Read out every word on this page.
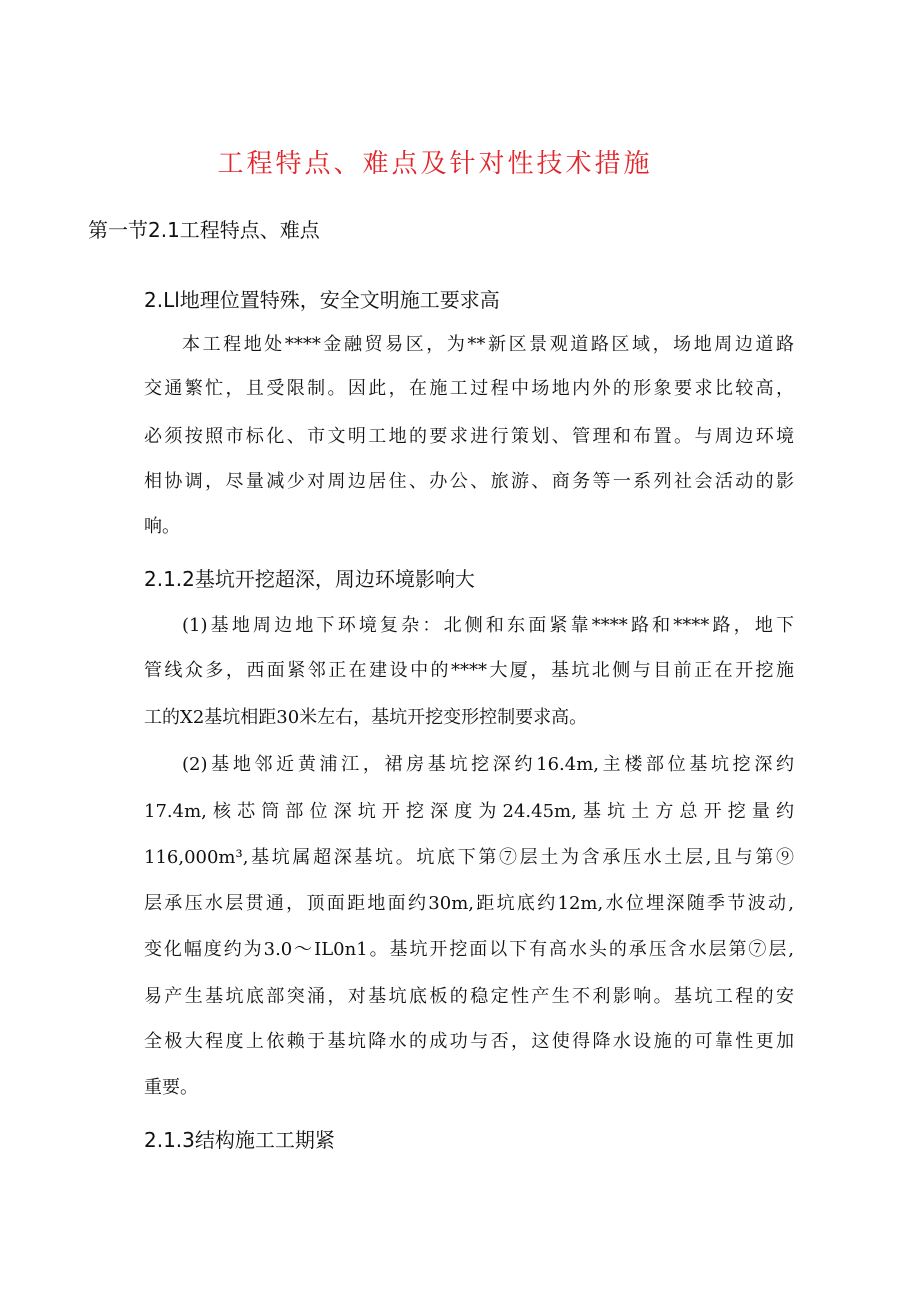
工程特点、难点及针对性技术措施
第一节2.1工程特点、难点
2.Ll地理位置特殊，安全文明施工要求高
本工程地处****金融贸易区，为**新区景观道路区域，场地周边道路
交通繁忙，且受限制。因此，在施工过程中场地内外的形象要求比较高，
必须按照市标化、市文明工地的要求进行策划、管理和布置。与周边环境
相协调，尽量减少对周边居住、办公、旅游、商务等一系列社会活动的影
响。
2.1.2基坑开挖超深，周边环境影响大
(1)基地周边地下环境复杂：北侧和东面紧靠****路和****路，地下
管线众多，西面紧邻正在建设中的****大厦，基坑北侧与目前正在开挖施
工的X2基坑相距30米左右，基坑开挖变形控制要求高。
(2)基地邻近黄浦江，裙房基坑挖深约16.4m,主楼部位基坑挖深约
17.4m,核芯筒部位深坑开挖深度为24.45m,基坑土方总开挖量约
116,000m³,基坑属超深基坑。坑底下第⑦层土为含承压水土层,且与第⑨
层承压水层贯通，顶面距地面约30m,距坑底约12m,水位埋深随季节波动,
变化幅度约为3.0～IL0n1。基坑开挖面以下有高水头的承压含水层第⑦层,
易产生基坑底部突涌，对基坑底板的稳定性产生不利影响。基坑工程的安
全极大程度上依赖于基坑降水的成功与否，这使得降水设施的可靠性更加
重要。
2.1.3结构施工工期紧
